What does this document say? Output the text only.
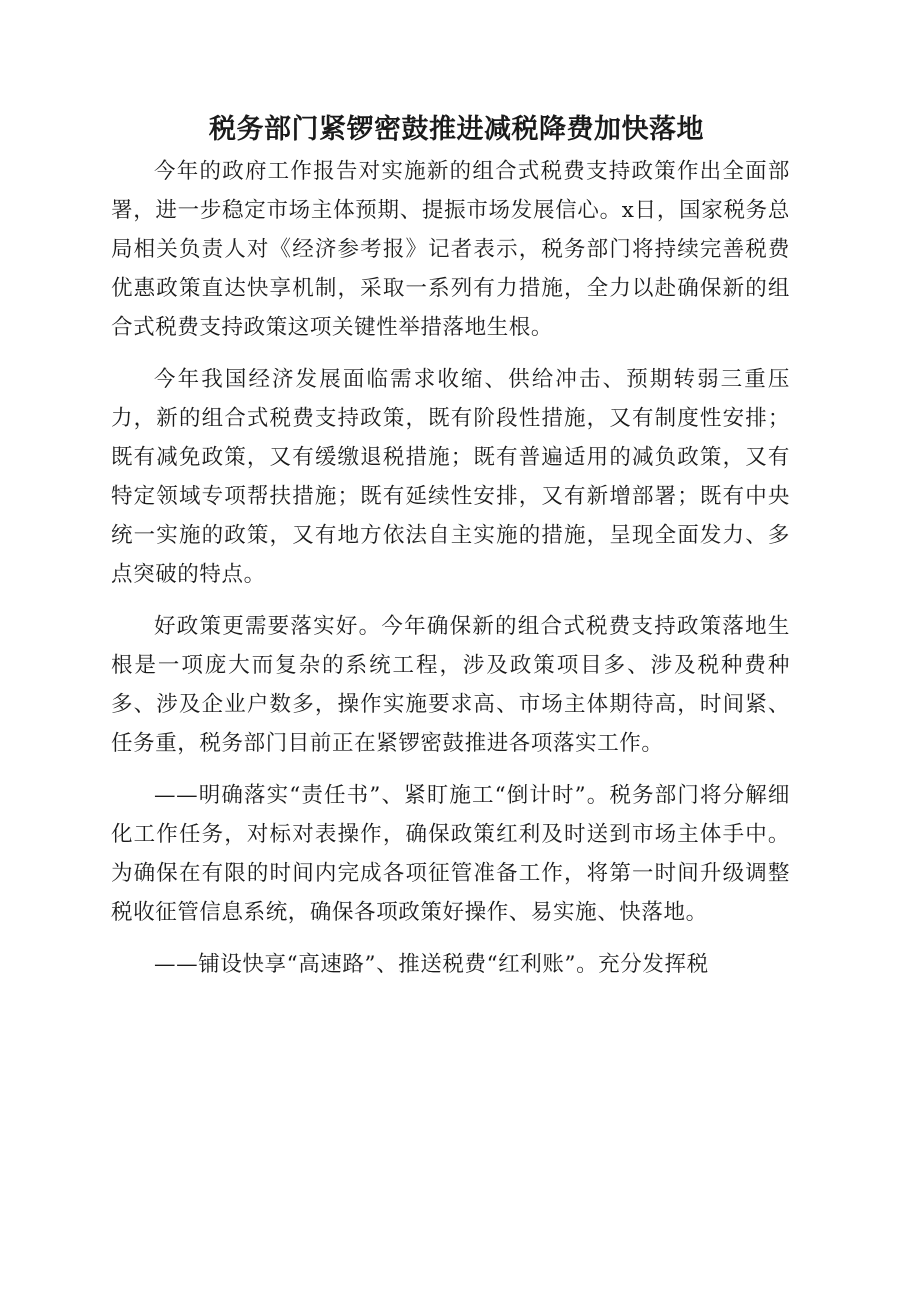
税务部门紧锣密鼓推进减税降费加快落地

今年的政府工作报告对实施新的组合式税费支持政策作出全面部署，进一步稳定市场主体预期、提振市场发展信心。x日，国家税务总局相关负责人对《经济参考报》记者表示，税务部门将持续完善税费优惠政策直达快享机制，采取一系列有力措施，全力以赴确保新的组合式税费支持政策这项关键性举措落地生根。

今年我国经济发展面临需求收缩、供给冲击、预期转弱三重压力，新的组合式税费支持政策，既有阶段性措施，又有制度性安排；既有减免政策，又有缓缴退税措施；既有普遍适用的减负政策，又有特定领域专项帮扶措施；既有延续性安排，又有新增部署；既有中央统一实施的政策，又有地方依法自主实施的措施，呈现全面发力、多点突破的特点。

好政策更需要落实好。今年确保新的组合式税费支持政策落地生根是一项庞大而复杂的系统工程，涉及政策项目多、涉及税种费种多、涉及企业户数多，操作实施要求高、市场主体期待高，时间紧、任务重，税务部门目前正在紧锣密鼓推进各项落实工作。

——明确落实“责任书”、紧盯施工“倒计时”。税务部门将分解细化工作任务，对标对表操作，确保政策红利及时送到市场主体手中。为确保在有限的时间内完成各项征管准备工作，将第一时间升级调整税收征管信息系统，确保各项政策好操作、易实施、快落地。

——铺设快享“高速路”、推送税费“红利账”。充分发挥税
